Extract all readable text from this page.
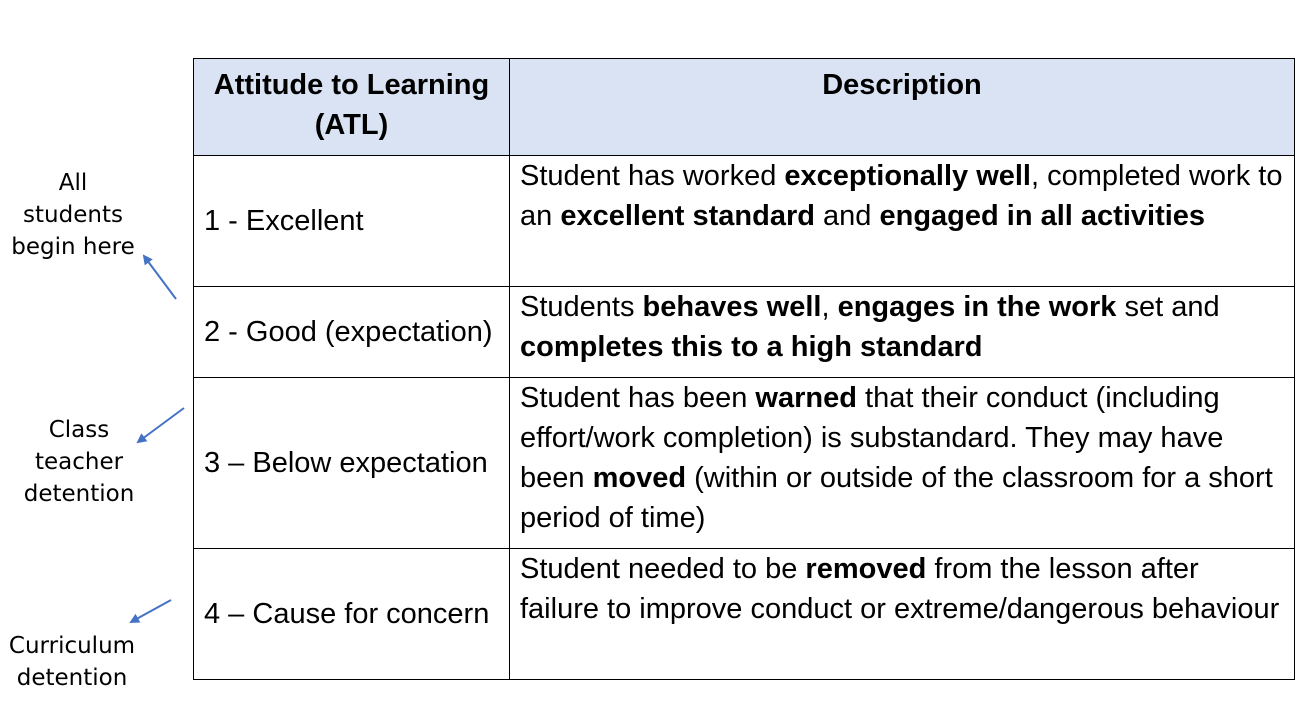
All students begin here
Class teacher detention
Curriculum detention
Attitude to Learning (ATL)	Description
1 - Excellent	Student has worked exceptionally well, completed work to an excellent standard and engaged in all activities
2 - Good (expectation)	Students behaves well, engages in the work set and completes this to a high standard
3 – Below expectation	Student has been warned that their conduct (including effort/work completion) is substandard. They may have been moved (within or outside of the classroom for a short period of time)
4 – Cause for concern	Student needed to be removed from the lesson after failure to improve conduct or extreme/dangerous behaviour
